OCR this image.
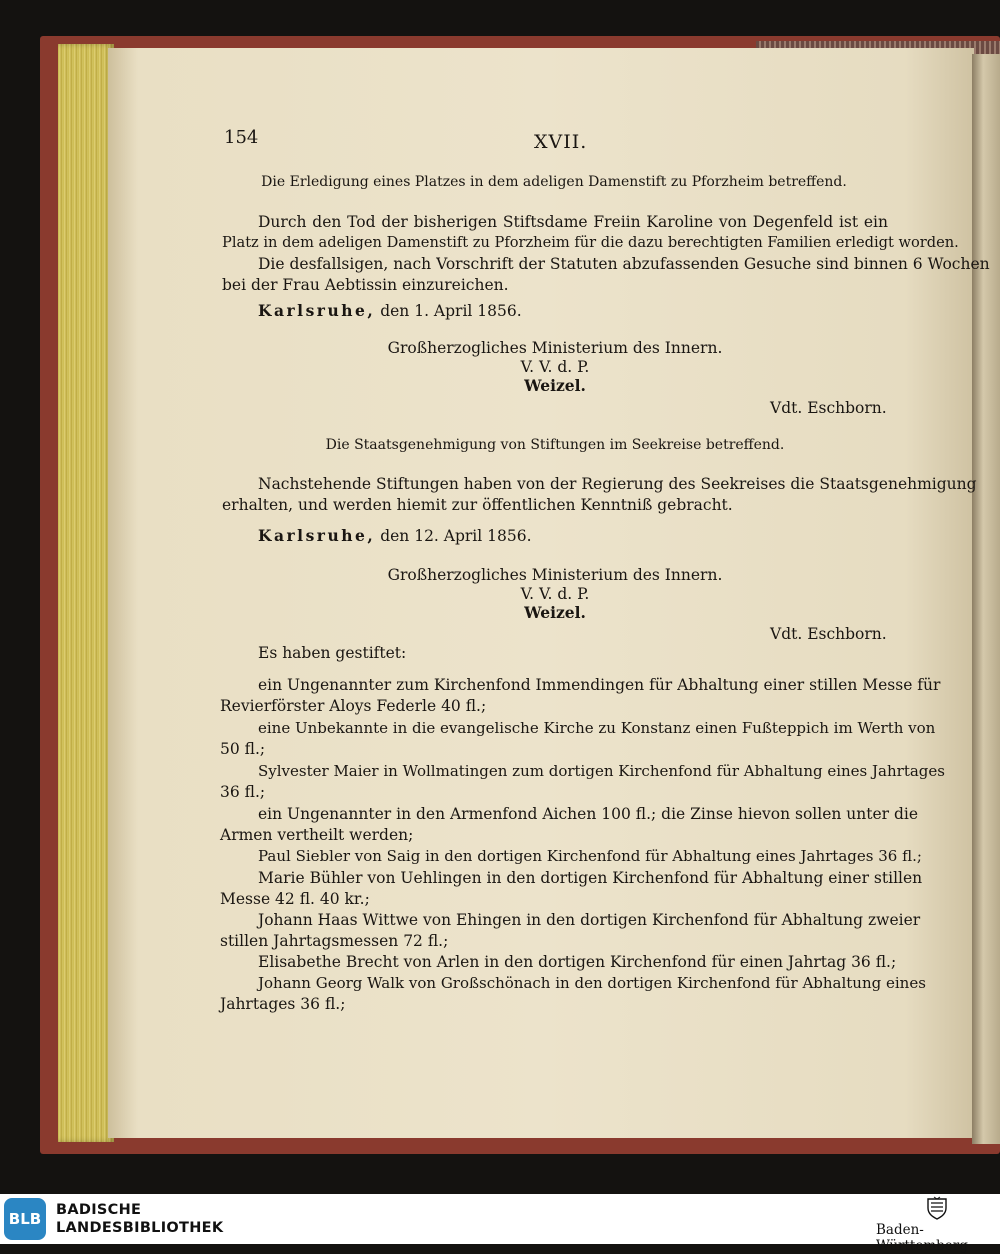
154	XVII.
Die Erledigung eines Platzes in dem adeligen Damenstift zu Pforzheim betreffend.
Durch den Tod der bisherigen Stiftsdame Freiin Karoline von Degenfeld ist ein
Platz in dem adeligen Damenstift zu Pforzheim für die dazu berechtigten Familien erledigt worden.
Die desfallsigen, nach Vorschrift der Statuten abzufassenden Gesuche sind binnen 6 Wochen
bei der Frau Aebtissin einzureichen.
Karlsruhe, den 1. April 1856.
Großherzogliches Ministerium des Innern.
V. V. d. P.
Weizel.
Vdt. Eschborn.
Die Staatsgenehmigung von Stiftungen im Seekreise betreffend.
Nachstehende Stiftungen haben von der Regierung des Seekreises die Staatsgenehmigung
erhalten, und werden hiemit zur öffentlichen Kenntniß gebracht.
Karlsruhe, den 12. April 1856.
Großherzogliches Ministerium des Innern.
V. V. d. P.
Weizel.
Vdt. Eschborn.
Es haben gestiftet:
ein Ungenannter zum Kirchenfond Immendingen für Abhaltung einer stillen Messe für
Revierförster Aloys Federle 40 fl.;
eine Unbekannte in die evangelische Kirche zu Konstanz einen Fußteppich im Werth von
50 fl.;
Sylvester Maier in Wollmatingen zum dortigen Kirchenfond für Abhaltung eines Jahrtages
36 fl.;
ein Ungenannter in den Armenfond Aichen 100 fl.; die Zinse hievon sollen unter die
Armen vertheilt werden;
Paul Siebler von Saig in den dortigen Kirchenfond für Abhaltung eines Jahrtages 36 fl.;
Marie Bühler von Uehlingen in den dortigen Kirchenfond für Abhaltung einer stillen
Messe 42 fl. 40 kr.;
Johann Haas Wittwe von Ehingen in den dortigen Kirchenfond für Abhaltung zweier
stillen Jahrtagsmessen 72 fl.;
Elisabethe Brecht von Arlen in den dortigen Kirchenfond für einen Jahrtag 36 fl.;
Johann Georg Walk von Großschönach in den dortigen Kirchenfond für Abhaltung eines
Jahrtages 36 fl.;
BLB	BADISCHE
LANDESBIBLIOTHEK	Baden-Württemberg
